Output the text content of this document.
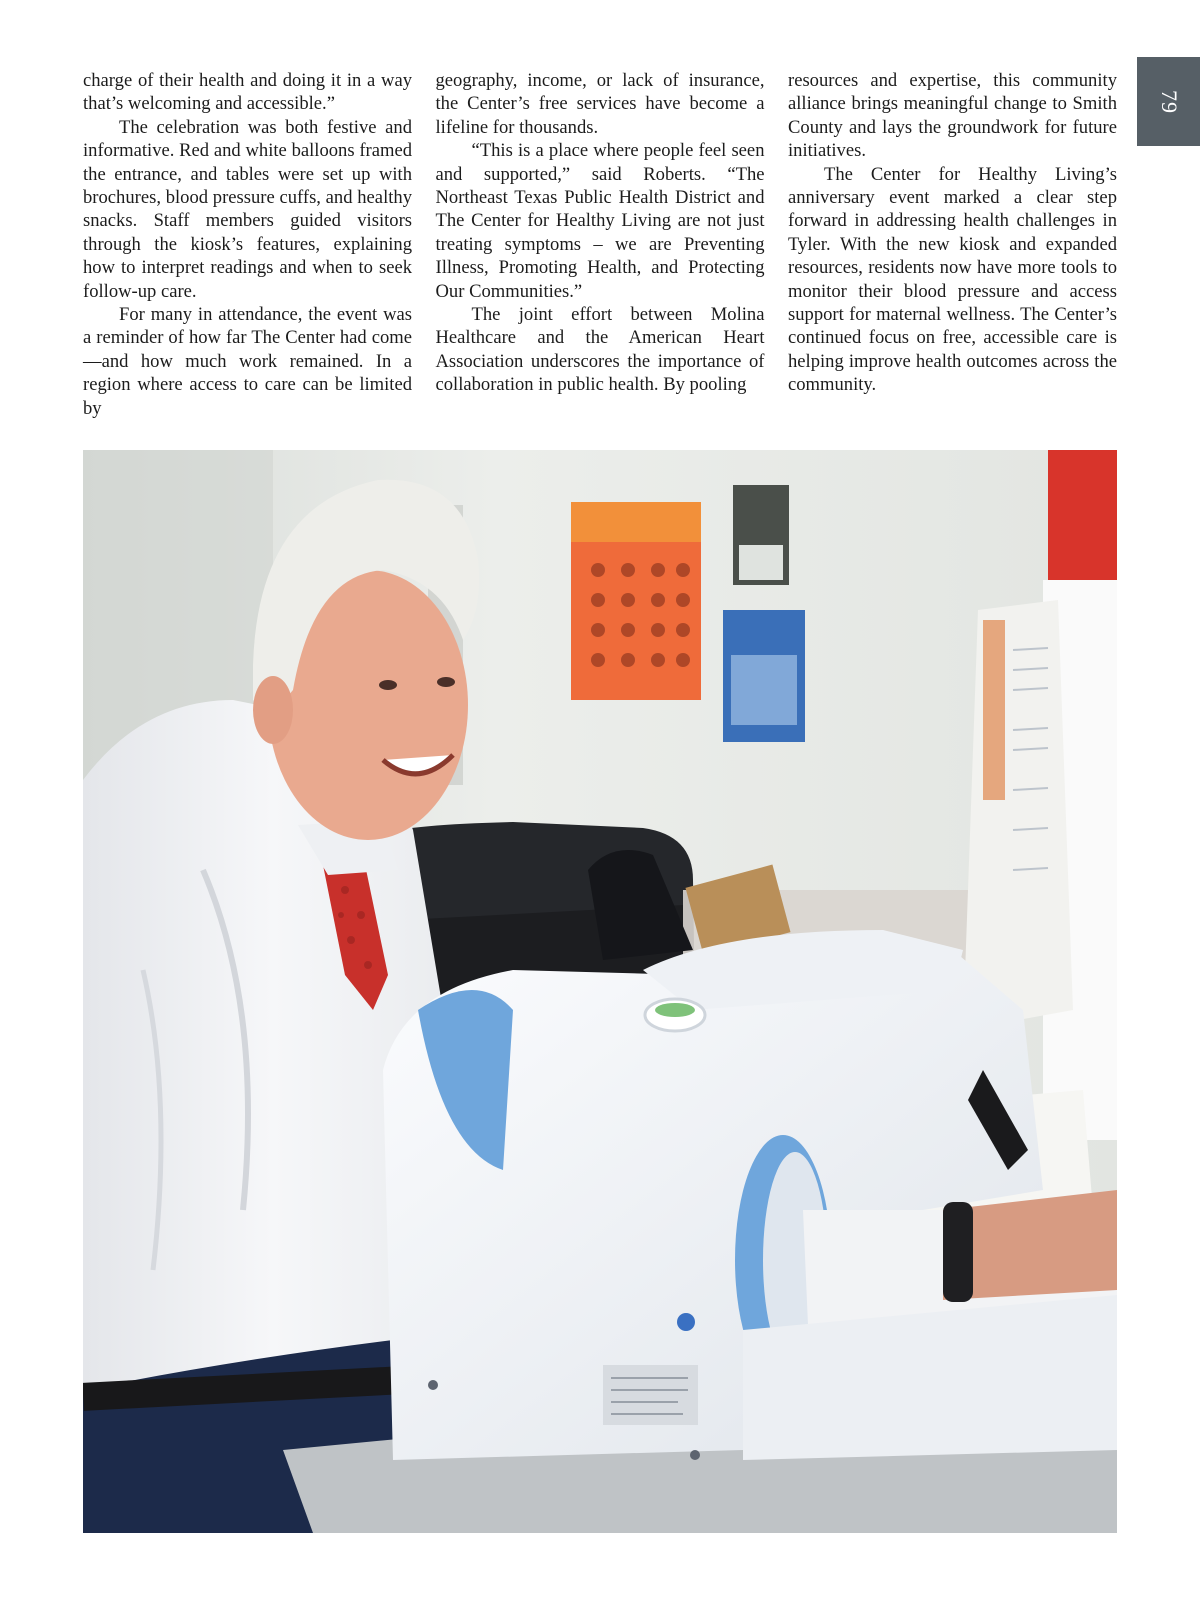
79

charge of their health and doing it in a way that’s welcoming and accessible.”

The celebration was both festive and informative. Red and white balloons framed the entrance, and tables were set up with brochures, blood pressure cuffs, and healthy snacks. Staff members guided visitors through the kiosk’s features, explaining how to interpret readings and when to seek follow-up care.

For many in attendance, the event was a reminder of how far The Center had come—and how much work remained. In a region where access to care can be limited by

geography, income, or lack of insurance, the Center’s free services have become a lifeline for thousands.

“This is a place where people feel seen and supported,” said Roberts. “The Northeast Texas Public Health District and The Center for Healthy Living are not just treating symptoms – we are Preventing Illness, Promoting Health, and Protecting Our Communities.”

The joint effort between Molina Healthcare and the American Heart Association underscores the importance of collaboration in public health. By pooling

resources and expertise, this community alliance brings meaningful change to Smith County and lays the groundwork for future initiatives.

The Center for Healthy Living’s anniversary event marked a clear step forward in addressing health challenges in Tyler. With the new kiosk and expanded resources, residents now have more tools to monitor their blood pressure and access support for maternal wellness. The Center’s continued focus on free, accessible care is helping improve health outcomes across the community.
